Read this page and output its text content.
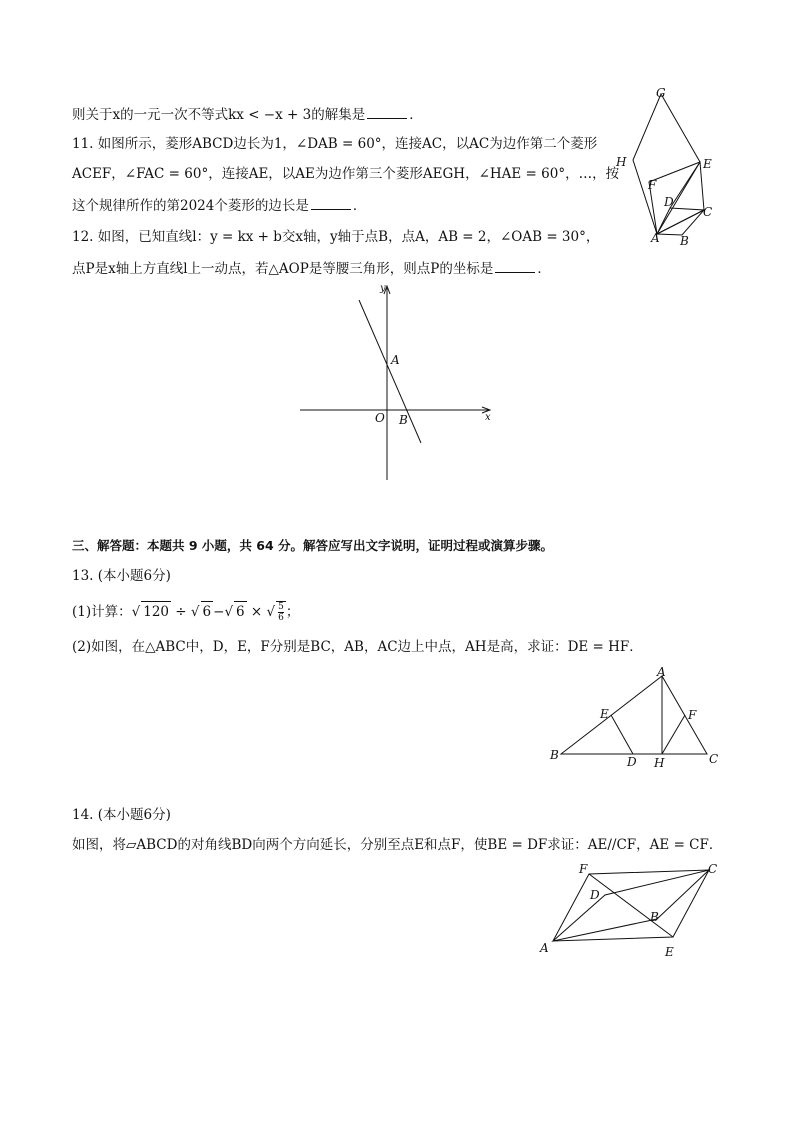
则关于x的一元一次不等式kx < −x + 3的解集是	．
11. 如图所示，菱形ABCD边长为1，∠DAB = 60°，连接AC，以AC为边作第二个菱形
ACEF，∠FAC = 60°，连接AE，以AE为边作第三个菱形AEGH，∠HAE = 60°，…，按
这个规律所作的第2024个菱形的边长是	．
12. 如图，已知直线l：y = kx + b交x轴，y轴于点B，点A，AB = 2，∠OAB = 30°，
点P是x轴上方直线l上一动点，若△AOP是等腰三角形，则点P的坐标是	．
G
H	E
F
D
C
A B
y
A
O B	x
三、解答题：本题共 9 小题，共 64 分。解答应写出文字说明，证明过程或演算步骤。
13. (本小题6分)
(1)计算：√ 120 ÷ √ 6 −√ 6 × √ $\frac{5}{6}$ ；
(2)如图，在△ABC中，D，E，F分别是BC，AB，AC边上中点，AH是高，求证：DE = HF．
A
E	F
B	D H	C
14. (本小题6分)
如图，将▱ABCD的对角线BD向两个方向延长，分别至点E和点F，使BE = DF求证：AE//CF，AE = CF．
F	C
D
B
A	E
